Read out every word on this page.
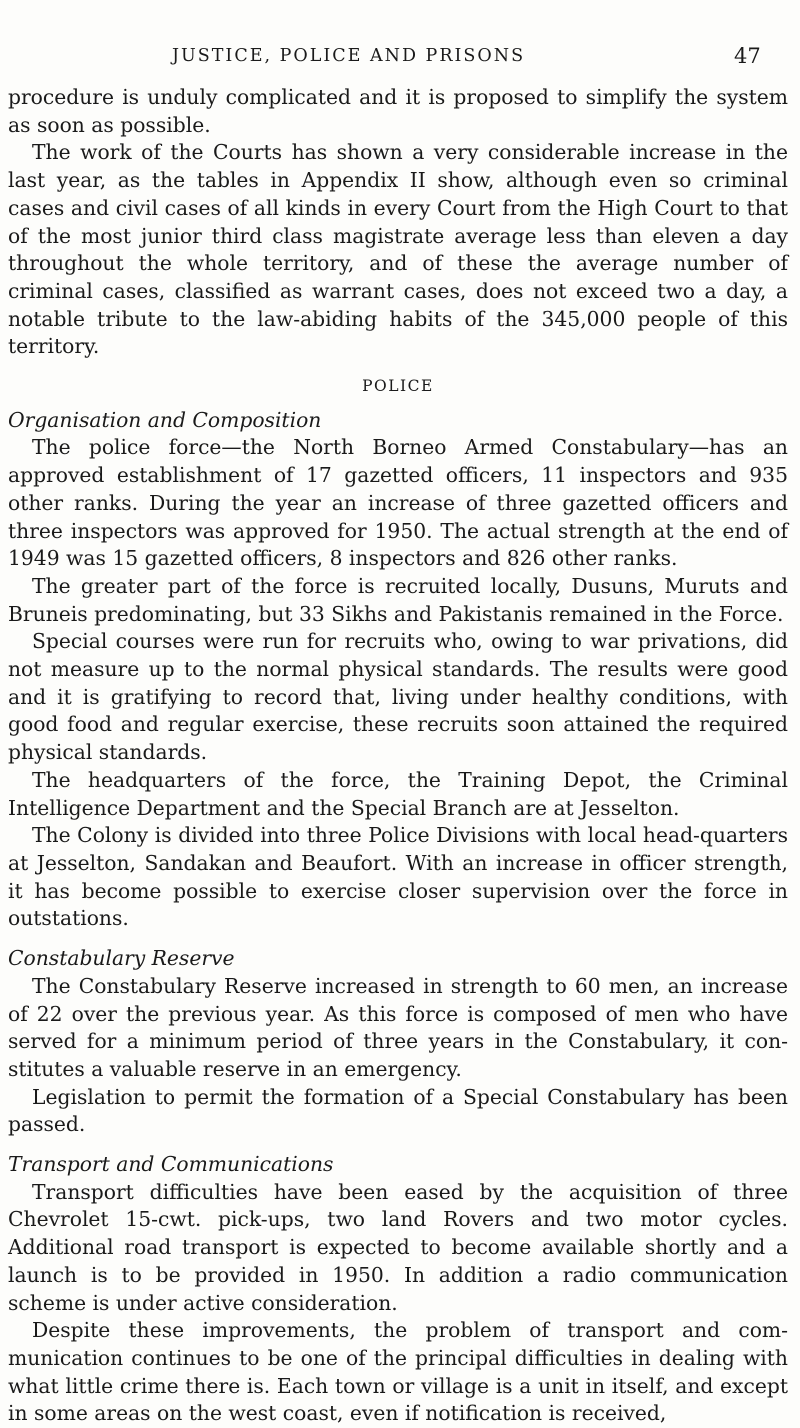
JUSTICE, POLICE AND PRISONS	47

procedure is unduly complicated and it is proposed to simplify the system as soon as possible.

The work of the Courts has shown a very considerable increase in the last year, as the tables in Appendix II show, although even so criminal cases and civil cases of all kinds in every Court from the High Court to that of the most junior third class magistrate average less than eleven a day throughout the whole territory, and of these the average number of criminal cases, classified as warrant cases, does not exceed two a day, a notable tribute to the law-abiding habits of the 345,000 people of this territory.

POLICE

Organisation and Composition

The police force—the North Borneo Armed Constabulary—has an approved establishment of 17 gazetted officers, 11 inspectors and 935 other ranks. During the year an increase of three gazetted officers and three inspectors was approved for 1950. The actual strength at the end of 1949 was 15 gazetted officers, 8 inspectors and 826 other ranks.

The greater part of the force is recruited locally, Dusuns, Muruts and Bruneis predominating, but 33 Sikhs and Pakistanis remained in the Force.

Special courses were run for recruits who, owing to war privations, did not measure up to the normal physical standards. The results were good and it is gratifying to record that, living under healthy conditions, with good food and regular exercise, these recruits soon attained the required physical standards.

The headquarters of the force, the Training Depot, the Criminal Intelligence Department and the Special Branch are at Jesselton.

The Colony is divided into three Police Divisions with local head-quarters at Jesselton, Sandakan and Beaufort. With an increase in officer strength, it has become possible to exercise closer supervision over the force in outstations.

Constabulary Reserve

The Constabulary Reserve increased in strength to 60 men, an increase of 22 over the previous year. As this force is composed of men who have served for a minimum period of three years in the Constabulary, it con-stitutes a valuable reserve in an emergency.

Legislation to permit the formation of a Special Constabulary has been passed.

Transport and Communications

Transport difficulties have been eased by the acquisition of three Chevrolet 15-cwt. pick-ups, two land Rovers and two motor cycles. Additional road transport is expected to become available shortly and a launch is to be provided in 1950. In addition a radio communication scheme is under active consideration.

Despite these improvements, the problem of transport and com-munication continues to be one of the principal difficulties in dealing with what little crime there is. Each town or village is a unit in itself, and except in some areas on the west coast, even if notification is received,
